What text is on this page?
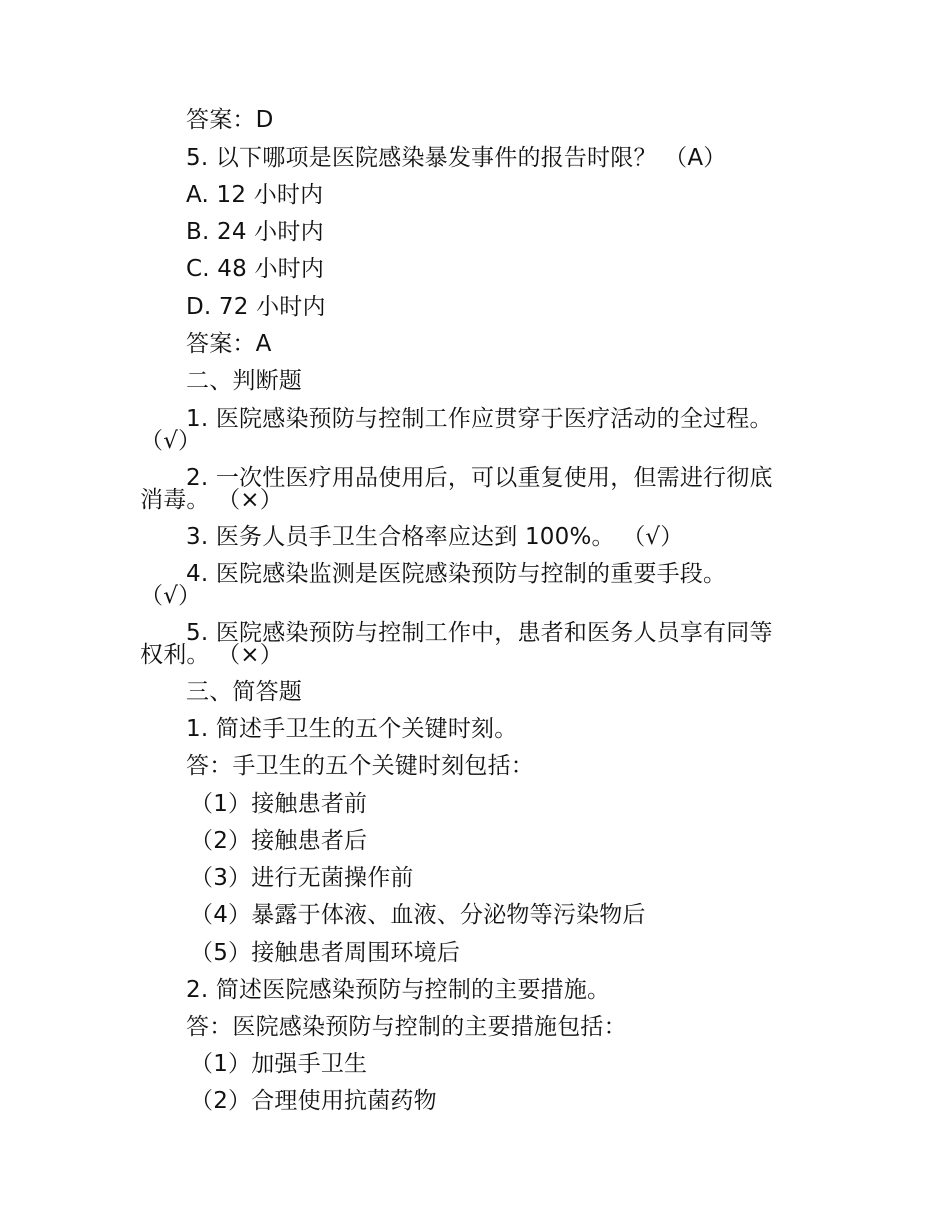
答案：D
5. 以下哪项是医院感染暴发事件的报告时限？ （A）
A. 12 小时内
B. 24 小时内
C. 48 小时内
D. 72 小时内
答案：A
二、判断题
1. 医院感染预防与控制工作应贯穿于医疗活动的全过程。
（√）
2. 一次性医疗用品使用后，可以重复使用，但需进行彻底
消毒。 （×）
3. 医务人员手卫生合格率应达到 100%。 （√）
4. 医院感染监测是医院感染预防与控制的重要手段。
（√）
5. 医院感染预防与控制工作中，患者和医务人员享有同等
权利。 （×）
三、简答题
1. 简述手卫生的五个关键时刻。
答：手卫生的五个关键时刻包括：
（1）接触患者前
（2）接触患者后
（3）进行无菌操作前
（4）暴露于体液、血液、分泌物等污染物后
（5）接触患者周围环境后
2. 简述医院感染预防与控制的主要措施。
答：医院感染预防与控制的主要措施包括：
（1）加强手卫生
（2）合理使用抗菌药物
